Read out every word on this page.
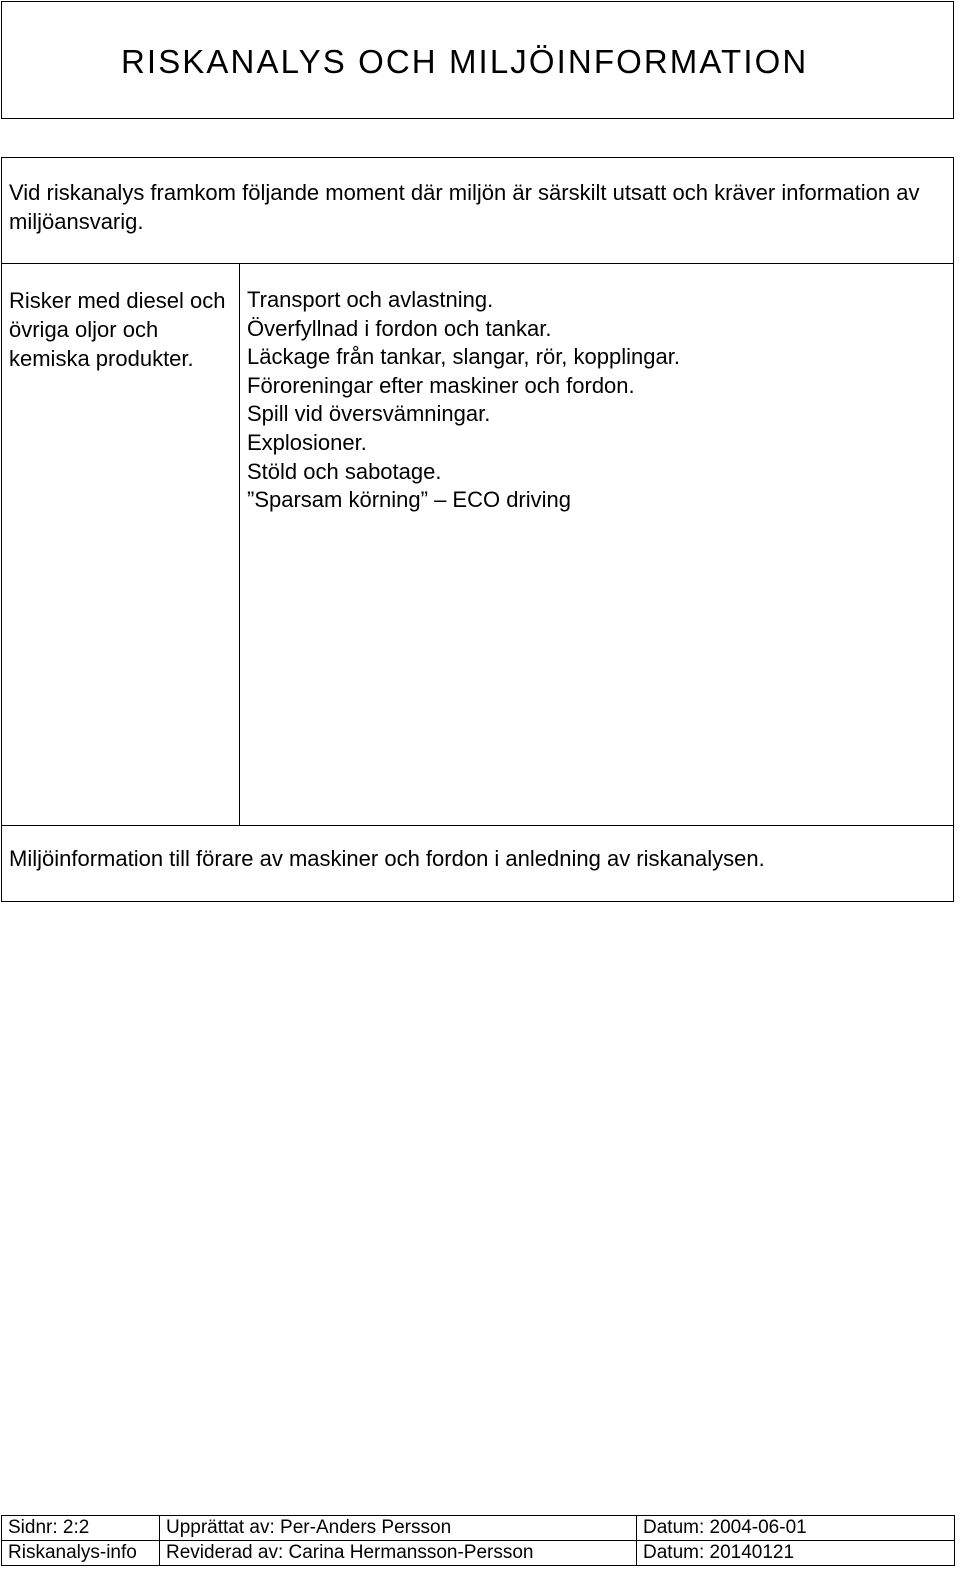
RISKANALYS OCH MILJÖINFORMATION
Vid riskanalys framkom följande moment där miljön är särskilt utsatt och kräver information av miljöansvarig.
Risker med diesel och övriga oljor och kemiska produkter.
Transport och avlastning.
Överfyllnad i fordon och tankar.
Läckage från tankar, slangar, rör, kopplingar.
Föroreningar efter maskiner och fordon.
Spill vid översvämningar.
Explosioner.
Stöld och sabotage.
”Sparsam körning” – ECO driving
Miljöinformation till förare av maskiner och fordon i anledning av riskanalysen.
Sidnr: 2:2	Upprättat av: Per-Anders Persson	Datum: 2004-06-01
Riskanalys-info	Reviderad av: Carina Hermansson-Persson	Datum: 20140121
